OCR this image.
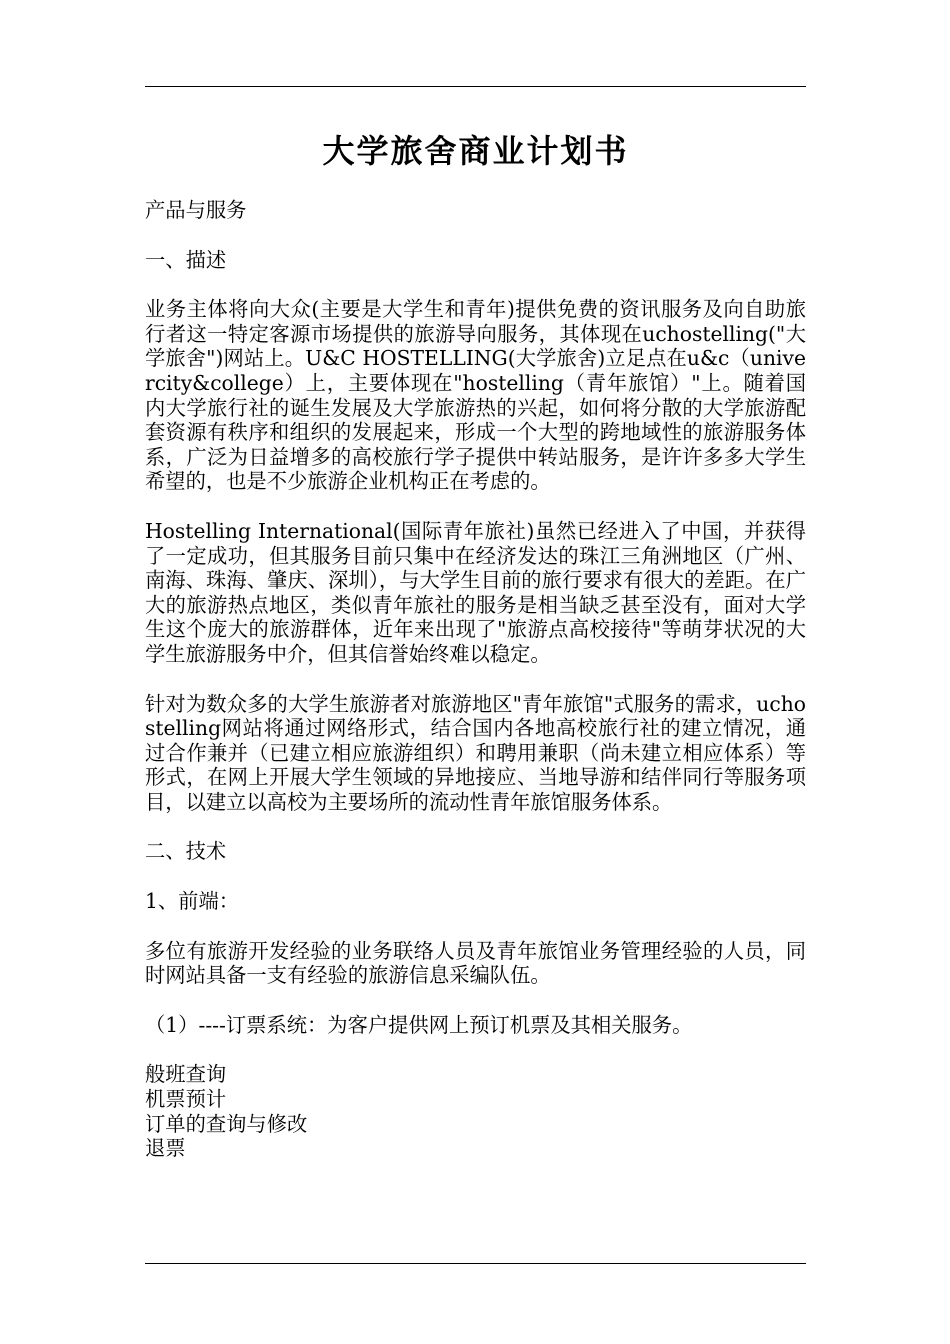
大学旅舍商业计划书

产品与服务

一、描述

业务主体将向大众(主要是大学生和青年)提供免费的资讯服务及向自助旅行者这一特定客源市场提供的旅游导向服务，其体现在uchostelling("大学旅舍")网站上。U&C HOSTELLING(大学旅舍)立足点在u&c（univercity&college）上，主要体现在"hostelling（青年旅馆）"上。随着国内大学旅行社的诞生发展及大学旅游热的兴起，如何将分散的大学旅游配套资源有秩序和组织的发展起来，形成一个大型的跨地域性的旅游服务体系，广泛为日益增多的高校旅行学子提供中转站服务，是许许多多大学生希望的，也是不少旅游企业机构正在考虑的。

Hostelling International(国际青年旅社)虽然已经进入了中国，并获得了一定成功，但其服务目前只集中在经济发达的珠江三角洲地区（广州、南海、珠海、肇庆、深圳），与大学生目前的旅行要求有很大的差距。在广大的旅游热点地区，类似青年旅社的服务是相当缺乏甚至没有，面对大学生这个庞大的旅游群体，近年来出现了"旅游点高校接待"等萌芽状况的大学生旅游服务中介，但其信誉始终难以稳定。

针对为数众多的大学生旅游者对旅游地区"青年旅馆"式服务的需求，uchostelling网站将通过网络形式，结合国内各地高校旅行社的建立情况，通过合作兼并（已建立相应旅游组织）和聘用兼职（尚未建立相应体系）等形式，在网上开展大学生领域的异地接应、当地导游和结伴同行等服务项目，以建立以高校为主要场所的流动性青年旅馆服务体系。

二、技术

1、前端：

多位有旅游开发经验的业务联络人员及青年旅馆业务管理经验的人员，同时网站具备一支有经验的旅游信息采编队伍。

（1）----订票系统：为客户提供网上预订机票及其相关服务。

般班查询
机票预计
订单的查询与修改
退票
